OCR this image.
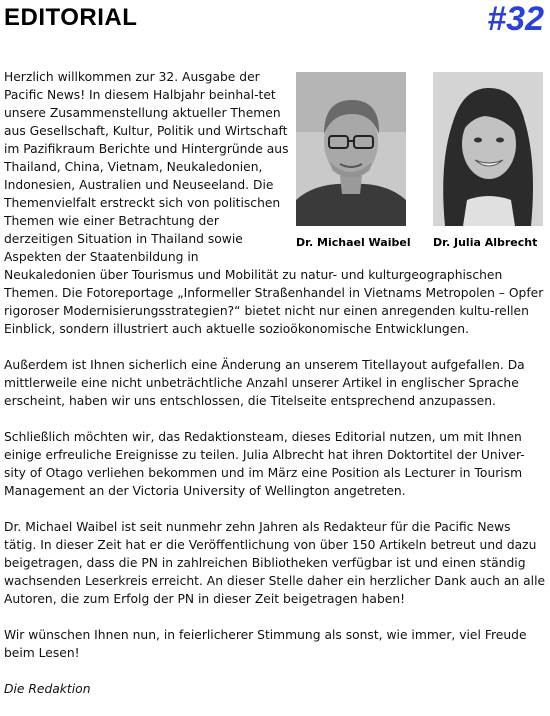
EDITORIAL	#32
Dr. Michael Waibel Dr. Julia Albrecht

Herzlich willkommen zur 32. Ausgabe der Pacific News! In diesem Halbjahr beinhal-tet unsere Zusammenstellung aktueller Themen aus Gesellschaft, Kultur, Politik und Wirtschaft im Pazifikraum Berichte und Hintergründe aus Thailand, China, Vietnam, Neukaledonien, Indonesien, Australien und Neuseeland. Die Themenvielfalt erstreckt sich von politischen Themen wie einer Betrachtung der derzeitigen Situation in Thailand sowie Aspekten der Staatenbildung in Neukaledonien über Tourismus und Mobilität zu natur- und kulturgeographischen Themen. Die Fotoreportage „Informeller Straßenhandel in Vietnams Metropolen – Opfer rigoroser Modernisierungsstrategien?“ bietet nicht nur einen anregenden kultu-rellen Einblick, sondern illustriert auch aktuelle sozioökonomische Entwicklungen.

Außerdem ist Ihnen sicherlich eine Änderung an unserem Titellayout aufgefallen. Da mittlerweile eine nicht unbeträchtliche Anzahl unserer Artikel in englischer Sprache erscheint, haben wir uns entschlossen, die Titelseite entsprechend anzupassen.

Schließlich möchten wir, das Redaktionsteam, dieses Editorial nutzen, um mit Ihnen einige erfreuliche Ereignisse zu teilen. Julia Albrecht hat ihren Doktortitel der Univer-sity of Otago verliehen bekommen und im März eine Position als Lecturer in Tourism Management an der Victoria University of Wellington angetreten.

Dr. Michael Waibel ist seit nunmehr zehn Jahren als Redakteur für die Pacific News tätig. In dieser Zeit hat er die Veröffentlichung von über 150 Artikeln betreut und dazu beigetragen, dass die PN in zahlreichen Bibliotheken verfügbar ist und einen ständig wachsenden Leserkreis erreicht. An dieser Stelle daher ein herzlicher Dank auch an alle Autoren, die zum Erfolg der PN in dieser Zeit beigetragen haben!

Wir wünschen Ihnen nun, in feierlicherer Stimmung als sonst, wie immer, viel Freude beim Lesen!

Die Redaktion
